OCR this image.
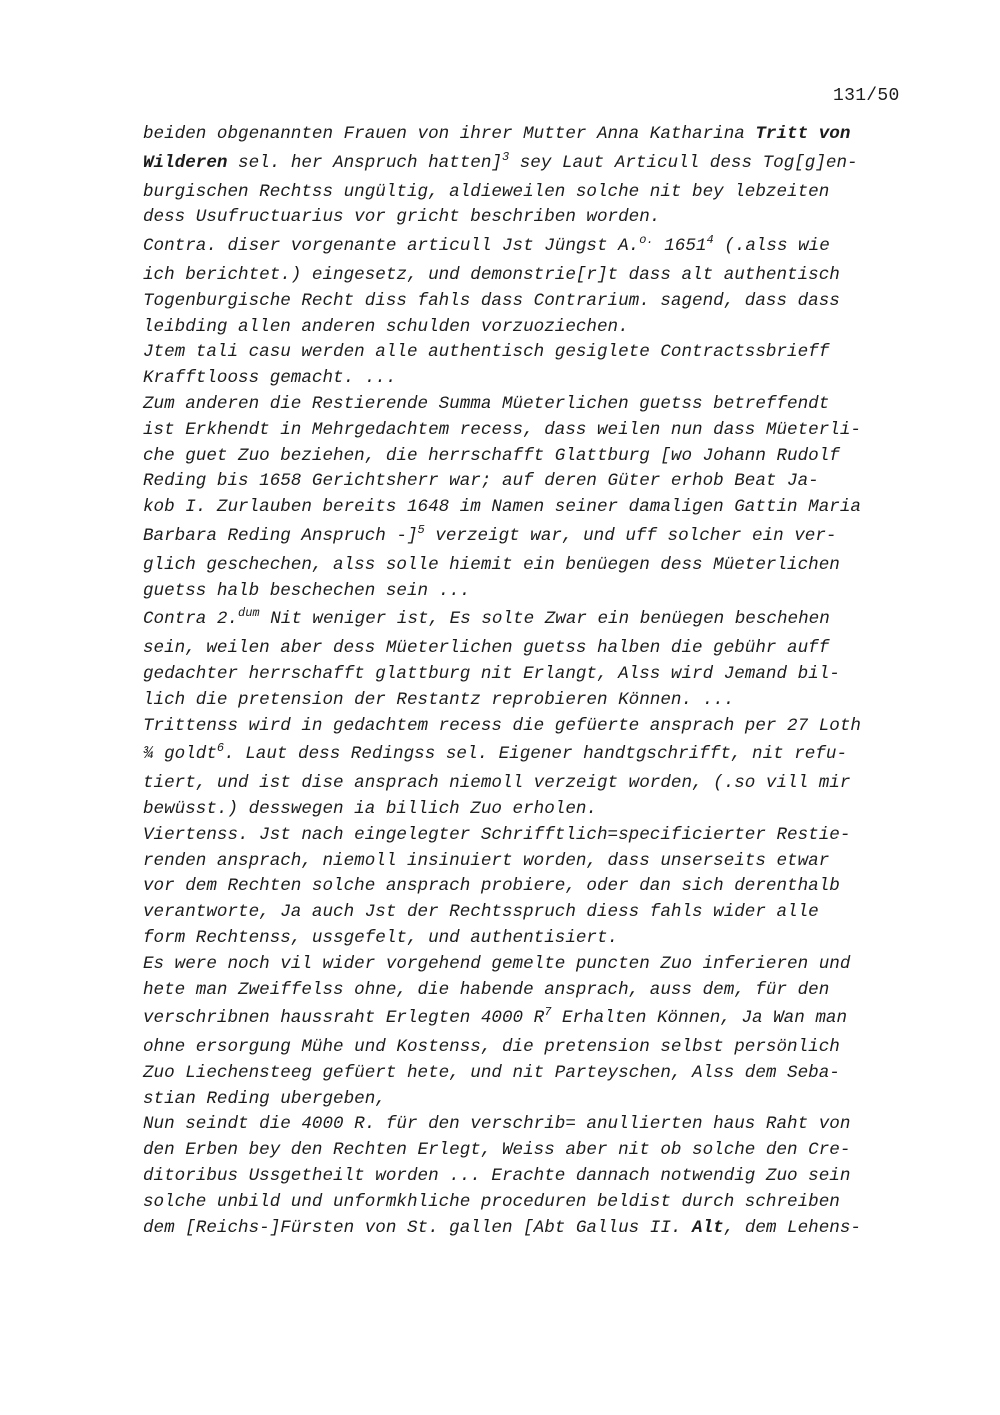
131/50
beiden obgenannten Frauen von ihrer Mutter Anna Katharina Tritt von
Wilderen sel. her Anspruch hatten]$^3$ sey Laut Articull dess Tog[g]en-
burgischen Rechtss ungültig, aldieweilen solche nit bey lebzeiten
dess Usufructuarius vor gricht beschriben worden.
Contra. diser vorgenante articull Jst Jüngst A.$^{o.}$ 1651$^4$ (.alss wie
ich berichtet.) eingesetz, und demonstrie[r]t dass alt authentisch
Togenburgische Recht diss fahls dass Contrarium. sagend, dass dass
leibding allen anderen schulden vorzuoziechen.
Jtem tali casu werden alle authentisch gesiglete Contractssbrieff
Krafftlooss gemacht. ...
Zum anderen die Restierende Summa Müeterlichen guetss betreffendt
ist Erkhendt in Mehrgedachtem recess, dass weilen nun dass Müeterli-
che guet Zuo beziehen, die herrschafft Glattburg [wo Johann Rudolf
Reding bis 1658 Gerichtsherr war; auf deren Güter erhob Beat Ja-
kob I. Zurlauben bereits 1648 im Namen seiner damaligen Gattin Maria
Barbara Reding Anspruch -]$^5$ verzeigt war, und uff solcher ein ver-
glich geschechen, alss solle hiemit ein benüegen dess Müeterlichen
guetss halb beschechen sein ...
Contra 2.$^{dum}$ Nit weniger ist, Es solte Zwar ein benüegen beschehen
sein, weilen aber dess Müeterlichen guetss halben die gebühr auff
gedachter herrschafft glattburg nit Erlangt, Alss wird Jemand bil-
lich die pretension der Restantz reprobieren Können. ...
Trittenss wird in gedachtem recess die gefüerte ansprach per 27 Loth
¾ goldt$^6$. Laut dess Redingss sel. Eigener handtgschrifft, nit refu-
tiert, und ist dise ansprach niemoll verzeigt worden, (.so vill mir
bewüsst.) desswegen ia billich Zuo erholen.
Viertenss. Jst nach eingelegter Schrifftlich=specificierter Restie-
renden ansprach, niemoll insinuiert worden, dass unserseits etwar
vor dem Rechten solche ansprach probiere, oder dan sich derenthalb
verantworte, Ja auch Jst der Rechtsspruch diess fahls wider alle
form Rechtenss, ussgefelt, und authentisiert.
Es were noch vil wider vorgehend gemelte puncten Zuo inferieren und
hete man Zweiffelss ohne, die habende ansprach, auss dem, für den
verschribnen haussraht Erlegten 4000 $R^7$ Erhalten Können, Ja Wan man
ohne ersorgung Mühe und Kostenss, die pretension selbst persönlich
Zuo Liechensteeg gefüert hete, und nit Parteyschen, Alss dem Seba-
stian Reding ubergeben,
Nun seindt die 4000 R. für den verschrib= anullierten haus Raht von
den Erben bey den Rechten Erlegt, Weiss aber nit ob solche den Cre-
ditoribus Ussgetheilt worden ... Erachte dannach notwendig Zuo sein
solche unbild und unformkhliche proceduren beldist durch schreiben
dem [Reichs-]Fürsten von St. gallen [Abt Gallus II. Alt, dem Lehens-
